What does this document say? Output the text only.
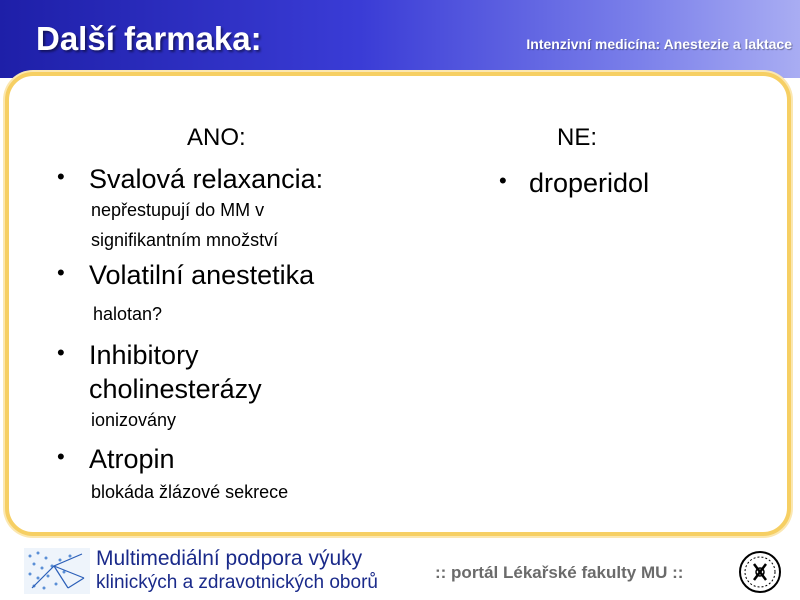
Další farmaka:	Intenzivní medicína: Anestezie a laktace
ANO:
• Svalová relaxancia:
nepřestupují do MM v
signifikantním množství
• Volatilní anestetika
halotan?
• Inhibitory
cholinesterázy
ionizovány
• Atropin
blokáda žlázové sekrece
NE:
• droperidol
Multimediální podpora výuky
klinických a zdravotnických oborů	:: portál Lékařské fakulty MU ::
